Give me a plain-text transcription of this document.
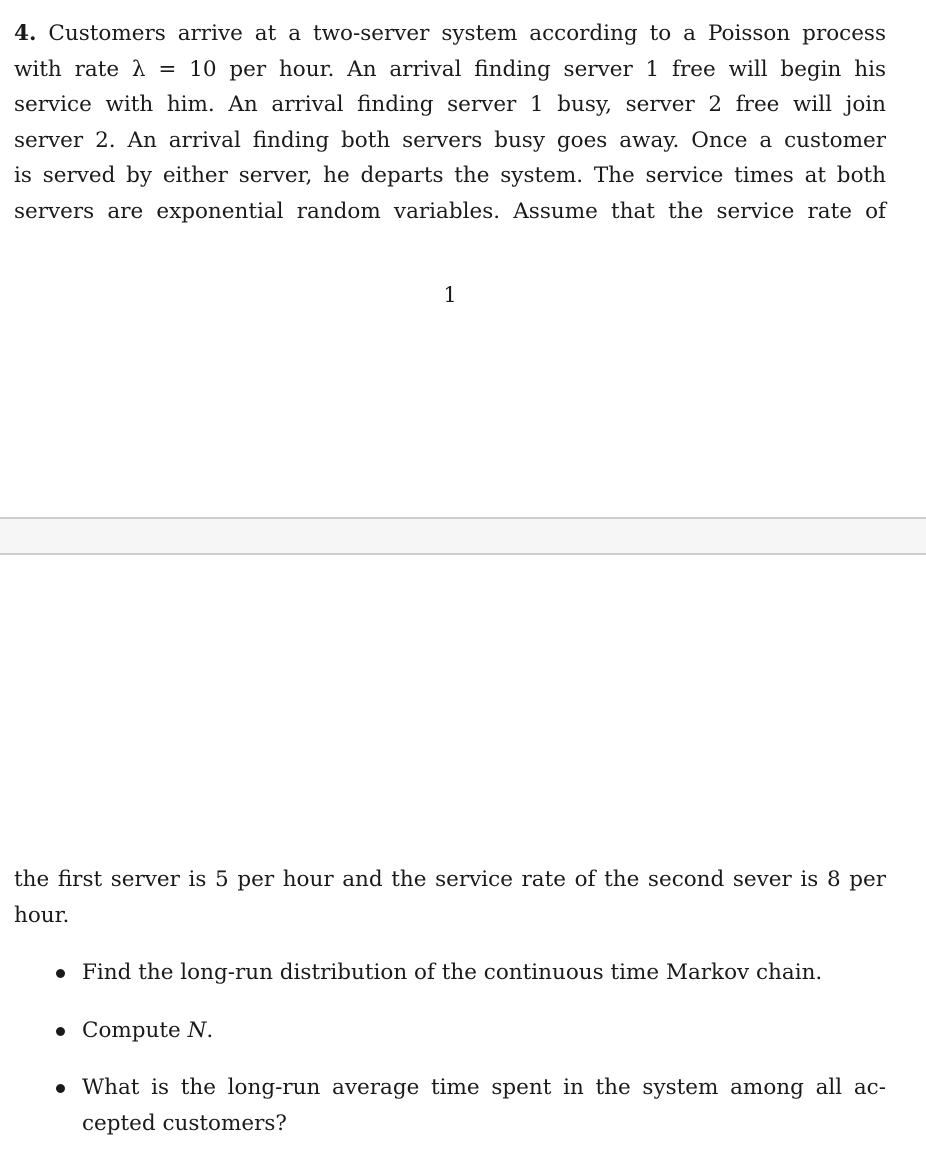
4. Customers arrive at a two-server system according to a Poisson process
with rate λ = 10 per hour. An arrival finding server 1 free will begin his
service with him. An arrival finding server 1 busy, server 2 free will join
server 2. An arrival finding both servers busy goes away. Once a customer
is served by either server, he departs the system. The service times at both
servers are exponential random variables. Assume that the service rate of

1

the first server is 5 per hour and the service rate of the second sever is 8 per
hour.

Find the long-run distribution of the continuous time Markov chain.
Compute N.
What is the long-run average time spent in the system among all ac-
cepted customers?
